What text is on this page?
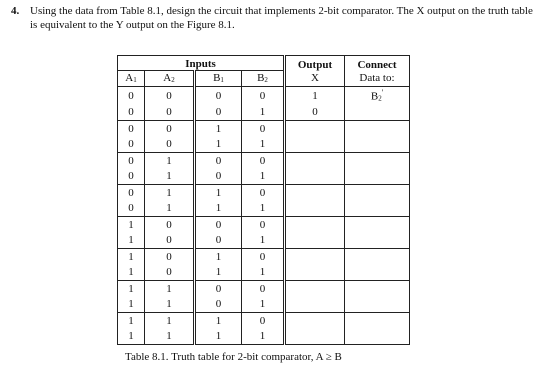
4. Using the data from Table 8.1, design the circuit that implements 2-bit comparator. The X output on the truth table is equivalent to the Y output on the Figure 8.1.
Inputs				Output	Connect
$A_1$	$A_2$	$B_1$	$B_2$	X	Data to:
0	0	0	0	1	$B_2'$
0	0	0	1	0	
0	0	1	0		
0	0	1	1		
0	1	0	0		
0	1	0	1		
0	1	1	0		
0	1	1	1		
1	0	0	0		
1	0	0	1		
1	0	1	0		
1	0	1	1		
1	1	0	0		
1	1	0	1		
1	1	1	0		
1	1	1	1		
Table 8.1. Truth table for 2-bit comparator, A ≥ B
